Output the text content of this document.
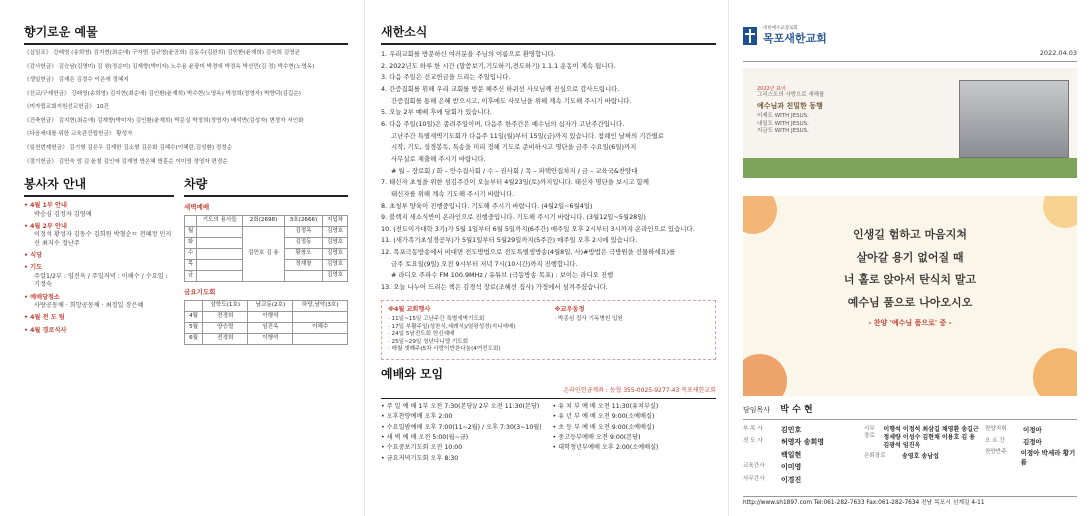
향기로운 예물
《십일조》 강래영 (송희영) 김지현(최순애) 구자범 김규영(윤공희) 김동수(김완희) 김인환(윤재희) 김숙희 김영균
《감사헌금》 김승남(김명미) 김 왕(정순미) 김재향(박미자) 노수용 윤광미 박경애 박정옥 박선민(김 정) 박수현(노영옥)
《생일헌금》 김재은 김경수 이은애 정혜지
《선교/구제헌금》 강래영(송희영) 김지현(최순애) 김인환(윤재희) 박수현(노영옥) 박정희(정영자) 박향덕(김길순)
《미자립교회지원선교헌금》 10건
《건축헌금》 김지현(최순애) 김재향(박미자) 김인환(윤재희) 박문실 박정희(정영자) 배석면(김성자) 변경자 서인화
《다음세대를 위한 교육관건립헌금》 황성자
《일천번제헌금》 김기형 김은우 김재한 김소형 김은화 김혜수(이혜린,김성환) 정정순
《절기헌금》 김민숙 엄 김 윤철 김인애 김재영 방은혜 방훈순 이미영 정영자 편경순
봉사자 안내
• 4월 1부 안내
박승심 김정자 김영애
• 4월 2부 안내
이정석 황성자 김동수 김희원 박철순ㅁ 전혜정 민지선 최지수 정난주
• 식당
• 기도
주일1/2부 : 임진옥 / 주일저녁 : 이해수 / 수요일 : 기정숙
• 예배당청소
사랑공동체 · 희망공동체 · 최정일 장은혜
• 4월 전 도 팀
• 4월 경로식사
차량
새벽예배
	기도의 용사들	2회(2698)	3호(2666)	지입차
월		김민호 김 용	김정옥	김영호
화			김정동	김영호
수			황창오	김영호
목			정재창	김영호
금				김영호
금요기도회
	삼학도(1호)	남교동(2호)	하당,남악(3호)
4월	전경희	이행석	
5월	양승렬	임진옥	이해수
6월	전경희	이행석	
새한소식
1. 우리교회를 방문하신 여러분을 주님의 이름으로 환영합니다.
2. 2022년도 하루 한 시간 (말씀보기,기도하기,전도하기) 1.1.1 운동이 계속 됩니다.
3. 다음 주일은 선교헌금을 드리는 주일입니다.
4. 간증집회를 위해 우리 교회를 방문 해주신 하귀선 사모님께 진심으로 감사드립니다.
간증집회를 통해 은혜 받으시고, 이후에도 사모님을 위해 계속 기도해 주시기 바랍니다.
5. 오늘 2부 예배 후에 당회가 있습니다.
6. 다음 주일(10일)은 종려주일이며, 다음주 한주간은 예수님의 십자가 고난주간입니다.
고난주간 특별새벽기도회가 다음주 11일(월)부터 15일(금)까지 있습니다. 참례인 날짜의 기간별로
시작, 기도, 성경봉독, 특송을 미리 정해 기도로 준비하시고 명단을 금주 수요일(6일)까지
사무실로 제출해 주시기 바랍니다.
# 월 – 장로회 / 화 – 안수집사회 / 수 – 권사회 / 목 – 파택안집차지 / 금 – 교육국&찬양대
7. 태신자 초청을 위한 섬김주간이 오늘부터 4월23일(토)까지입니다. 태신자 명단을 보시고 함께
태신자를 위해 계속 기도해 주시기 바랍니다.
8. 초청부 양육이 진행중입니다. 기도해 주시기 바랍니다. (4월2일~6월4일)
9. 블랙지 새소식반이 온라인으로 진행중입니다. 기도해 주시기 바랍니다. (3월12일~5월28일)
10. (전도이가대학 3기)가 5월 1일부터 6월 5일까지(6주간) 매주일 오후 2시부터 3시까지 온라인으로 있습니다.
11. (새가족기초성경공부)가 5월1일부터 5월29일까지(5주간) 매주일 오후 2시에 있습니다.
12. 목포극동방송에서 비대면 전도방법으로 전도특별생방송(4월8일, 사)#방법은 극방원을 선물하세요)를
금주 토요일(9일) 오전 9시부터 저녁 7시(10시간)까지 진행합니다.
# 라디오 주파수 FM 100.9MHz / 유튜브 (극동방송 목포) : 보이는 라디오 진행
13. 오늘 나누어 드리는 책은 김경석 장로(조혜선 집사) 가정에서 섬겨주셨습니다.
※4월 교회행사
· 11일~15일 고난주간 특별새벽기도회
· 17일 부활주일(성찬식,세례식)/열왕성경(지니에배)
· 24일 5남전도회 헌신예배
· 25일~29일 청년다니엘 기도회
· 매월 셋째주(5차 사랑이반찬나눔(4여전도회)
※교우동정
· 박종심 집사 기독병원 입원
예배와 모임
온라인헌금계좌 : 농협 355-0025-9277-43 목포새한교회
• 주 일 예 배 1부 오전 7:30(본당)/ 2부 오전 11:30(본당)
• 오후찬양예배 오후 2:00
• 수요일밤예배 오후 7:00(11~2월) / 오후 7:30(3~10월)
• 새 벽 예 배 오전 5:00(월~금)
• 수요중보기도회 오전 10:00
• 금요저녁기도회 오후 8:30
• 유 치 부 예 배 오전 11:30(유치부실)
• 유 년 부 예 배 오전 9:00(소예배실)
• 초 등 부 예 배 오전 9:00(소예배실)
• 중고등부예배 오전 9:00(본당)
• 대학청년부예배 오후 2:00(소예배실)
대한예수교장로회
목포새한교회
2022.04.03
2022년 표어
그리스도의 사랑으로 새해를
예수님과 친밀한 동행
어제도 WITH JESUS.
내일도 WITH JESUS.
지금도 WITH JESUS.
인생길 험하고 마음지쳐
살아갈 용기 없어질 때
너 홀로 앉아서 탄식치 말고
예수님 품으로 나아오시오
- 찬양 '예수님 품으로' 중 -
담임목사 박 수 현
부 목 사	김민호
전 도 사	허영자 송희영
백일현
교육간사	이미영
사무간사	이경진
시무장로
이행석 이정석 최삼길 채영환 송길근 정세량 이성수 김현채 이용호 김 용 김광석 임진옥
은퇴장로	송영호 송남섭
찬양지휘	이정아
오 르 간	김정아
찬양반주	이정아 박세라 황기름
http://www.sh1897.com Tel:061-282-7633 Fax:061-282-7634 전남 목포시 선계길 4-11
